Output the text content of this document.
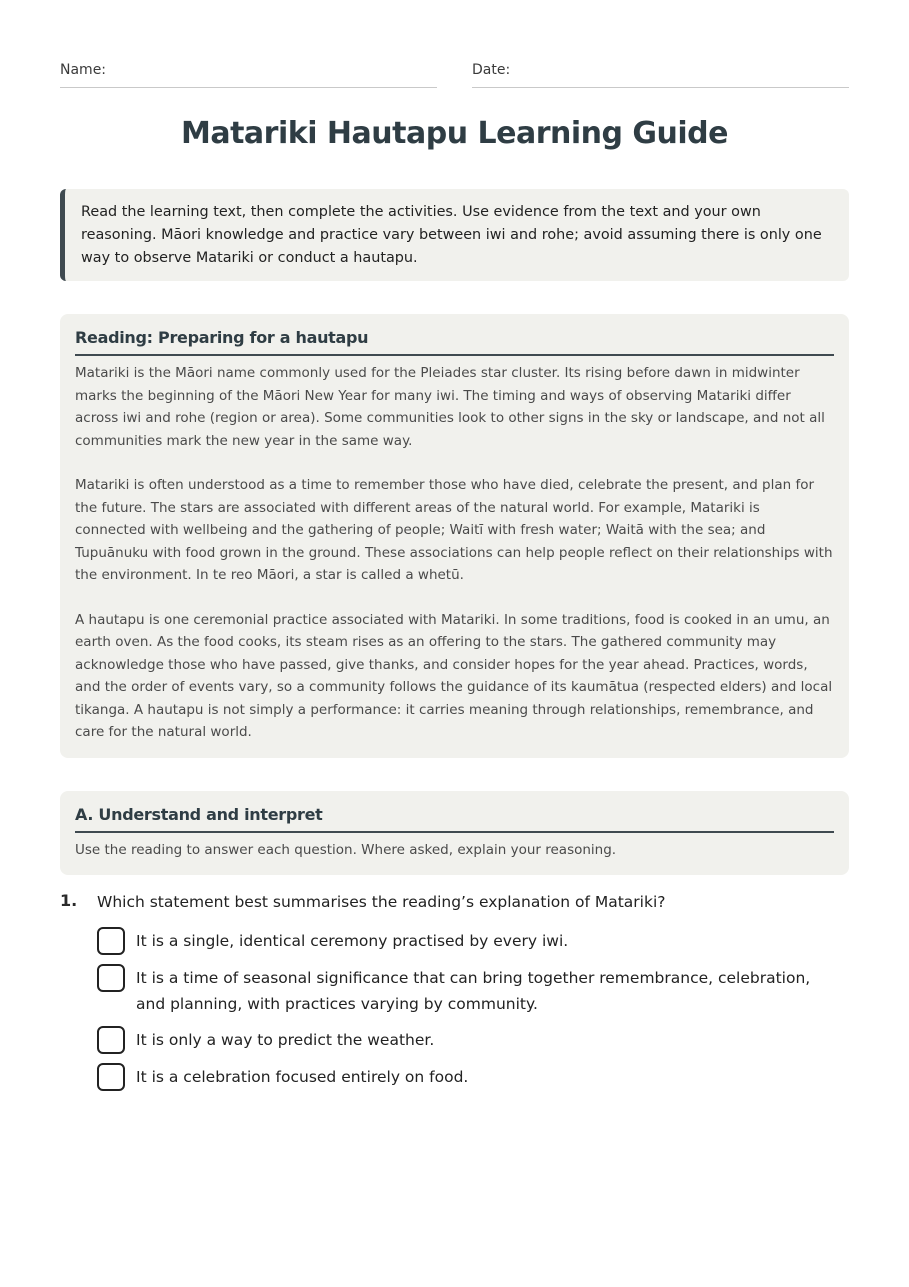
Name:	Date:
Matariki Hautapu Learning Guide

Read the learning text, then complete the activities. Use evidence from the text and your own reasoning. Māori knowledge and practice vary between iwi and rohe; avoid assuming there is only one way to observe Matariki or conduct a hautapu.

Reading: Preparing for a hautapu

Matariki is the Māori name commonly used for the Pleiades star cluster. Its rising before dawn in midwinter marks the beginning of the Māori New Year for many iwi. The timing and ways of observing Matariki differ across iwi and rohe (region or area). Some communities look to other signs in the sky or landscape, and not all communities mark the new year in the same way.

Matariki is often understood as a time to remember those who have died, celebrate the present, and plan for the future. The stars are associated with different areas of the natural world. For example, Matariki is connected with wellbeing and the gathering of people; Waitī with fresh water; Waitā with the sea; and Tupuānuku with food grown in the ground. These associations can help people reflect on their relationships with the environment. In te reo Māori, a star is called a whetū.

A hautapu is one ceremonial practice associated with Matariki. In some traditions, food is cooked in an umu, an earth oven. As the food cooks, its steam rises as an offering to the stars. The gathered community may acknowledge those who have passed, give thanks, and consider hopes for the year ahead. Practices, words, and the order of events vary, so a community follows the guidance of its kaumātua (respected elders) and local tikanga. A hautapu is not simply a performance: it carries meaning through relationships, remembrance, and care for the natural world.

A. Understand and interpret

Use the reading to answer each question. Where asked, explain your reasoning.

1. Which statement best summarises the reading’s explanation of Matariki?

It is a single, identical ceremony practised by every iwi.
It is a time of seasonal significance that can bring together remembrance, celebration, and planning, with practices varying by community.
It is only a way to predict the weather.
It is a celebration focused entirely on food.
